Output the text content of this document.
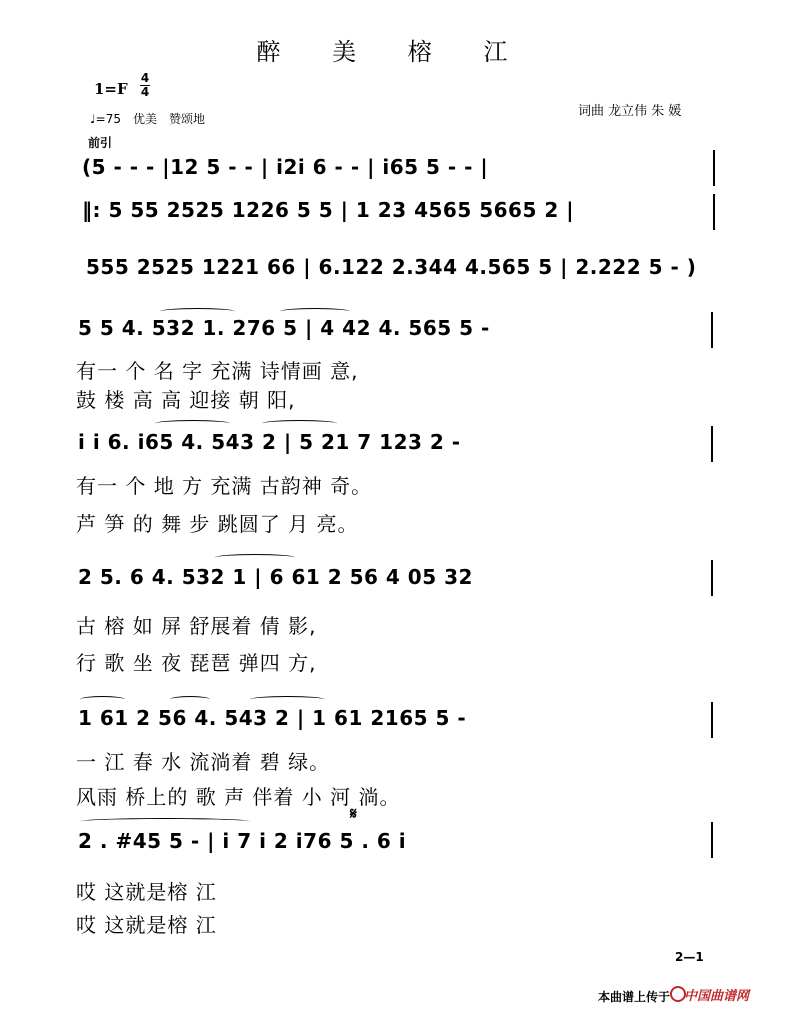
醉 美 榕 江
1=F
4
4
♩=75　优美　赞颂地	词曲 龙立伟 朱 媛
前引
(5 - - - |12 5 - - | i2i 6 - - | i65 5 - - |
‖: 5 55 2525 1226 5 5 | 1 23 4565 5665 2 |
555 2525 1221 66 | 6.122 2.344 4.565 5 | 2.222 5 - )
5 5 4. 532 1. 276 5 | 4 42 4. 565 5 -
有一 个 名 字 充满 诗情画 意,
鼓 楼 高 高 迎接 朝 阳,
i i 6. i65 4. 543 2 | 5 21 7 123 2 -
有一 个 地 方 充满 古韵神 奇。
芦 笋 的 舞 步 跳圆了 月 亮。
2 5. 6 4. 532 1 | 6 61 2 56 4 05 32
古 榕 如 屏 舒展着 倩 影,
行 歌 坐 夜 琵琶 弹四 方,
1 61 2 56 4. 543 2 | 1 61 2165 5 -
一 江 春 水 流淌着 碧 绿。
风雨 桥上的 歌 声 伴着 小 河 淌。
𝄋
2 . #45 5 - | i 7 i 2 i76 5 . 6 i
哎 这就是榕 江
哎 这就是榕 江
2—1
本曲谱上传于 中国曲谱网
